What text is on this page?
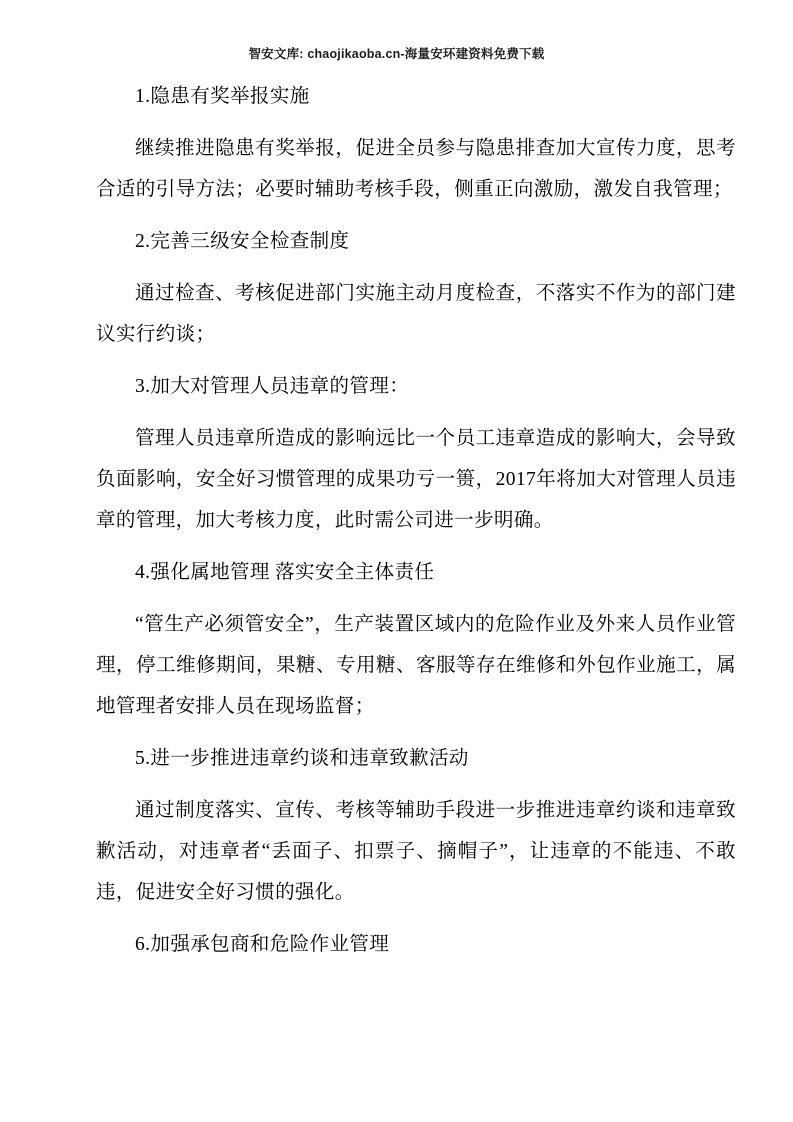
智安文库: chaojikaoba.cn-海量安环建资料免费下载

1.隐患有奖举报实施

继续推进隐患有奖举报，促进全员参与隐患排查加大宣传力度，思考合适的引导方法；必要时辅助考核手段，侧重正向激励，激发自我管理；

2.完善三级安全检查制度

通过检查、考核促进部门实施主动月度检查，不落实不作为的部门建议实行约谈；

3.加大对管理人员违章的管理：

管理人员违章所造成的影响远比一个员工违章造成的影响大，会导致负面影响，安全好习惯管理的成果功亏一篑，2017年将加大对管理人员违章的管理，加大考核力度，此时需公司进一步明确。

4.强化属地管理 落实安全主体责任

“管生产必须管安全”，生产装置区域内的危险作业及外来人员作业管理，停工维修期间，果糖、专用糖、客服等存在维修和外包作业施工，属地管理者安排人员在现场监督；

5.进一步推进违章约谈和违章致歉活动

通过制度落实、宣传、考核等辅助手段进一步推进违章约谈和违章致歉活动，对违章者“丢面子、扣票子、摘帽子”，让违章的不能违、不敢违，促进安全好习惯的强化。

6.加强承包商和危险作业管理
